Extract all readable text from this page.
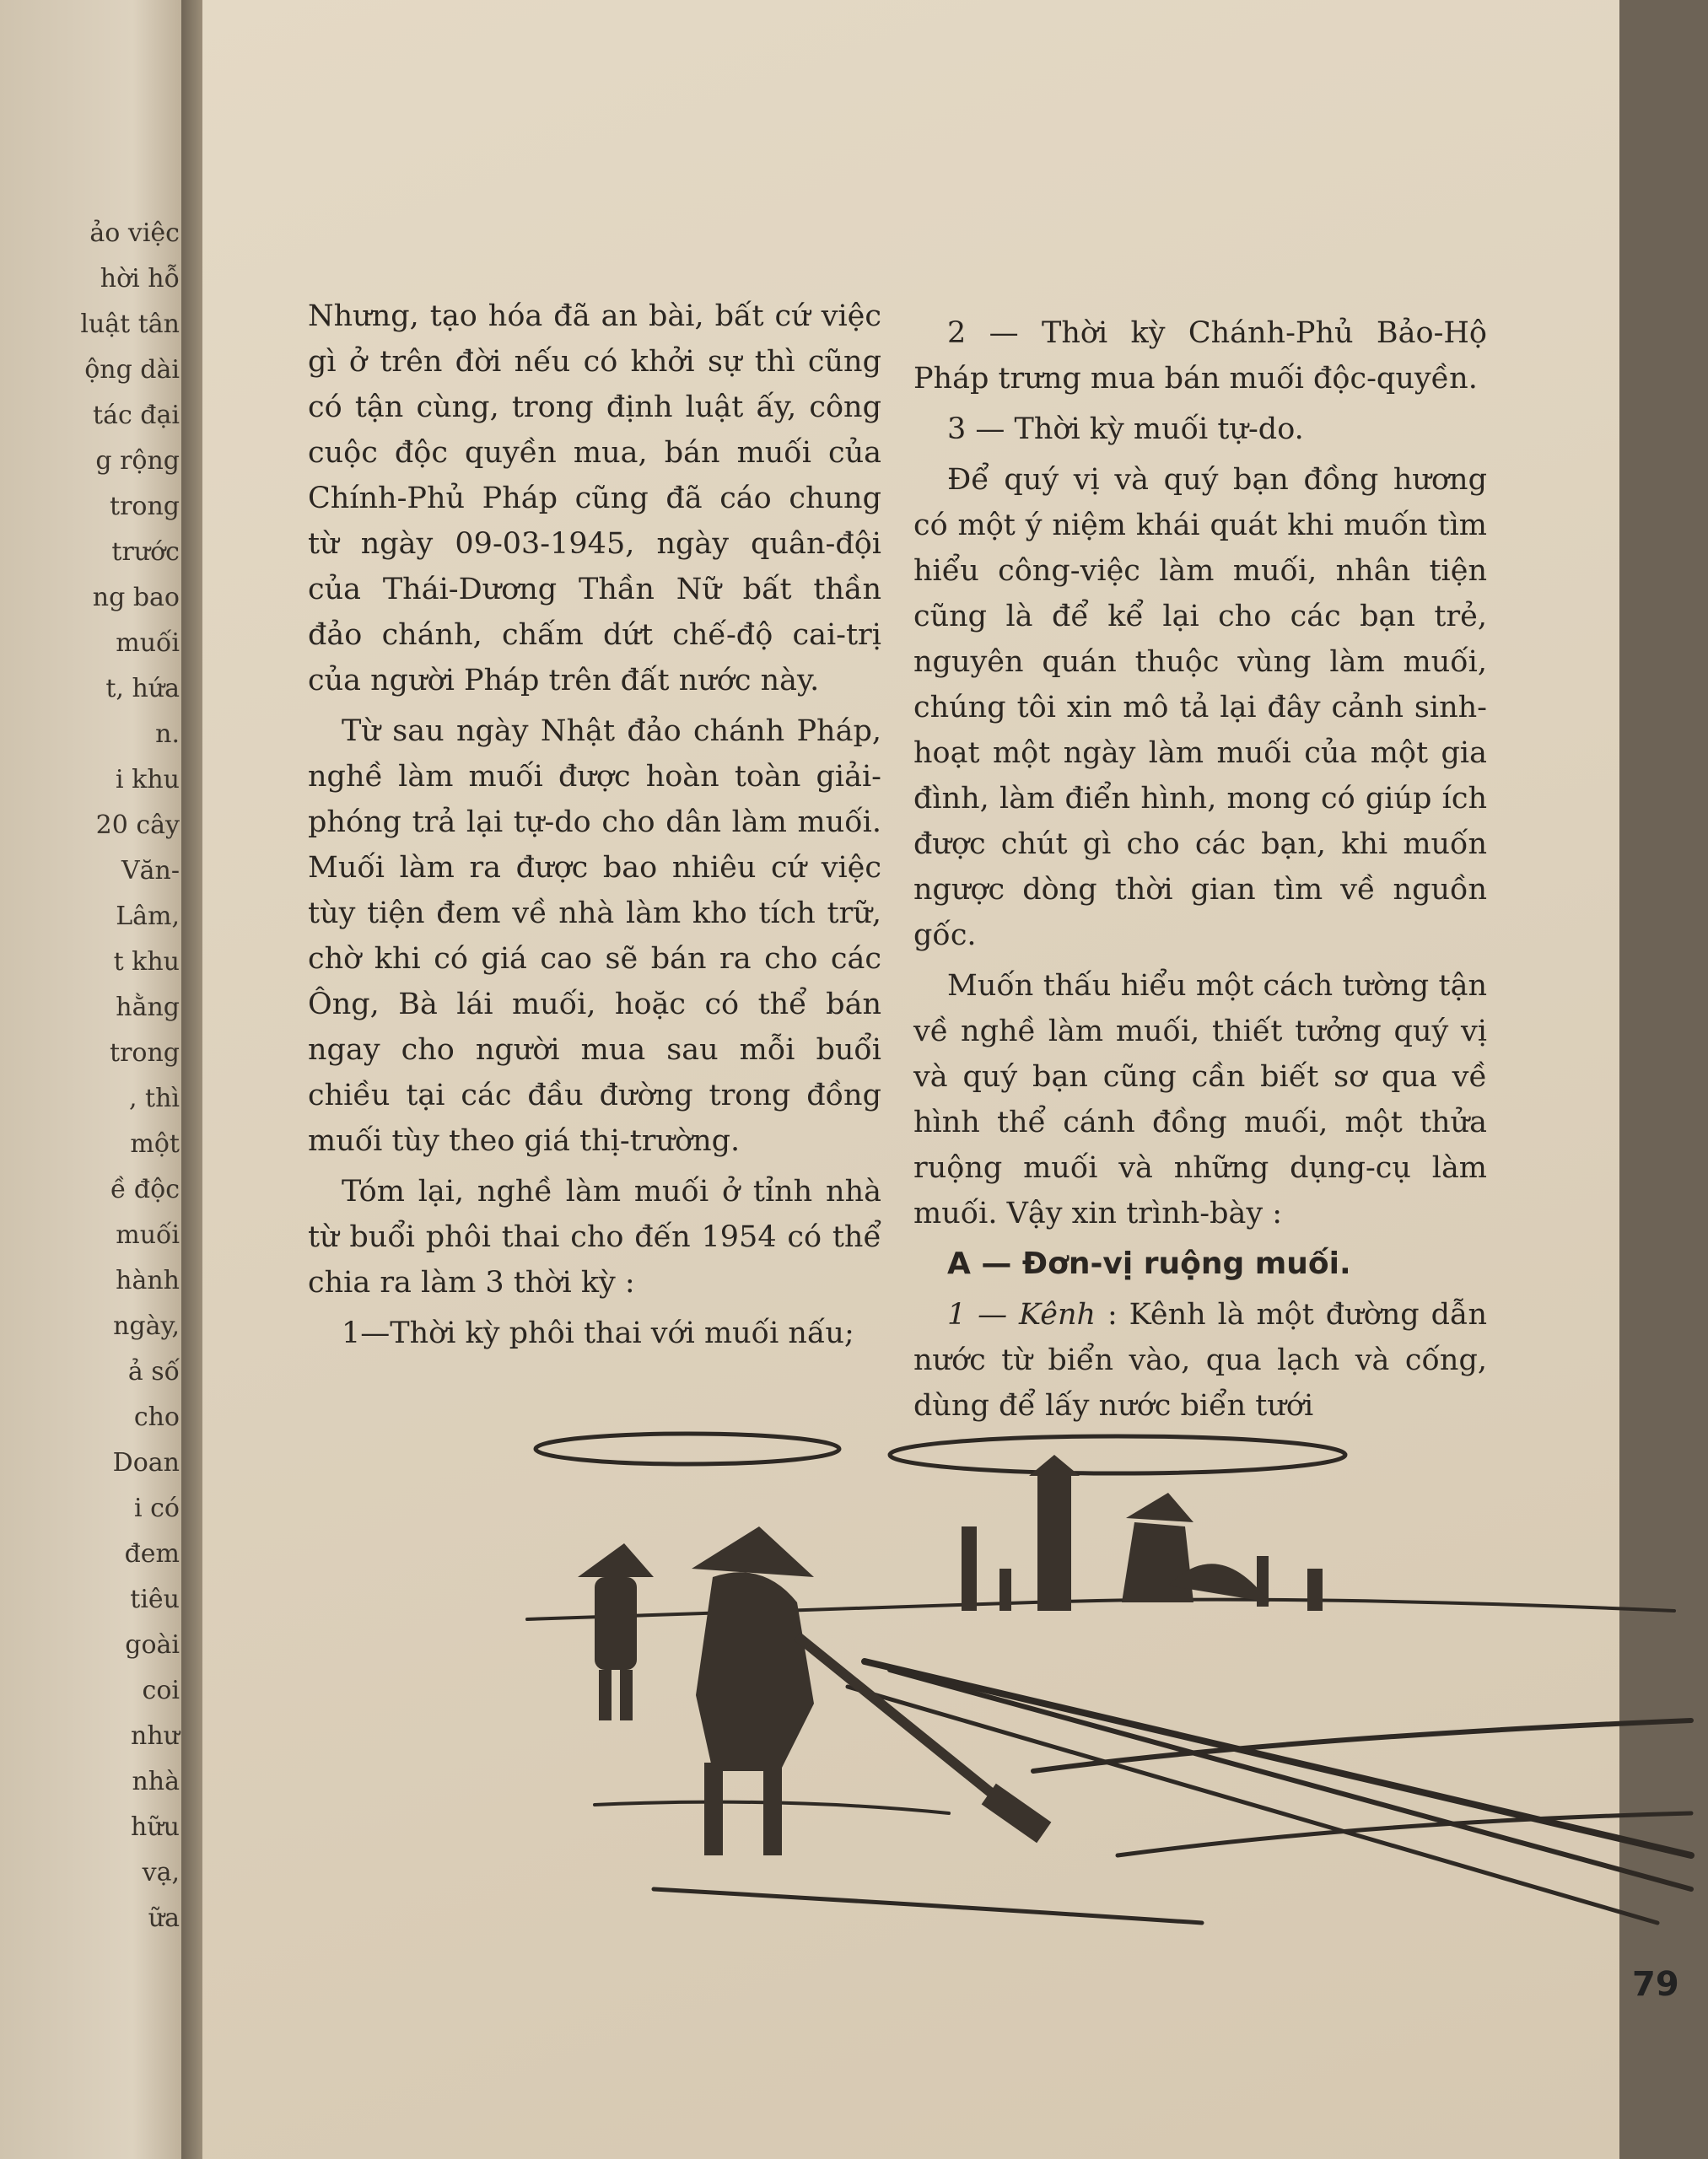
ảo việc
hời hỗ
luật tân
ộng dài
tác đại
g rộng
trong
trước
ng bao
muối
t, hứa
n.
i khu
20 cây
Văn-
Lâm,
t khu
hằng
trong
, thì
một
ề độc
muối
hành
ngày,
ả số
cho
Doan
i có
đem
tiêu
goài
coi
như
nhà
hữu
vạ,
ữa

Nhưng, tạo hóa đã an bài, bất cứ việc gì ở trên đời nếu có khởi sự thì cũng có tận cùng, trong định luật ấy, công cuộc độc quyền mua, bán muối của Chính-Phủ Pháp cũng đã cáo chung từ ngày 09-03-1945, ngày quân-đội của Thái-Dương Thần Nữ bất thần đảo chánh, chấm dứt chế-độ cai-trị của người Pháp trên đất nước này.

Từ sau ngày Nhật đảo chánh Pháp, nghề làm muối được hoàn toàn giải-phóng trả lại tự-do cho dân làm muối. Muối làm ra được bao nhiêu cứ việc tùy tiện đem về nhà làm kho tích trữ, chờ khi có giá cao sẽ bán ra cho các Ông, Bà lái muối, hoặc có thể bán ngay cho người mua sau mỗi buổi chiều tại các đầu đường trong đồng muối tùy theo giá thị-trường.

Tóm lại, nghề làm muối ở tỉnh nhà từ buổi phôi thai cho đến 1954 có thể chia ra làm 3 thời kỳ :

1—Thời kỳ phôi thai với muối nấu;

2 — Thời kỳ Chánh-Phủ Bảo-Hộ Pháp trưng mua bán muối độc-quyền.

3 — Thời kỳ muối tự-do.

Để quý vị và quý bạn đồng hương có một ý niệm khái quát khi muốn tìm hiểu công-việc làm muối, nhân tiện cũng là để kể lại cho các bạn trẻ, nguyên quán thuộc vùng làm muối, chúng tôi xin mô tả lại đây cảnh sinh-hoạt một ngày làm muối của một gia đình, làm điển hình, mong có giúp ích được chút gì cho các bạn, khi muốn ngược dòng thời gian tìm về nguồn gốc.

Muốn thấu hiểu một cách tường tận về nghề làm muối, thiết tưởng quý vị và quý bạn cũng cần biết sơ qua về hình thể cánh đồng muối, một thửa ruộng muối và những dụng-cụ làm muối. Vậy xin trình-bày :

A — Đơn-vị ruộng muối.

1 — Kênh : Kênh là một đường dẫn nước từ biển vào, qua lạch và cống, dùng để lấy nước biển tưới

79
